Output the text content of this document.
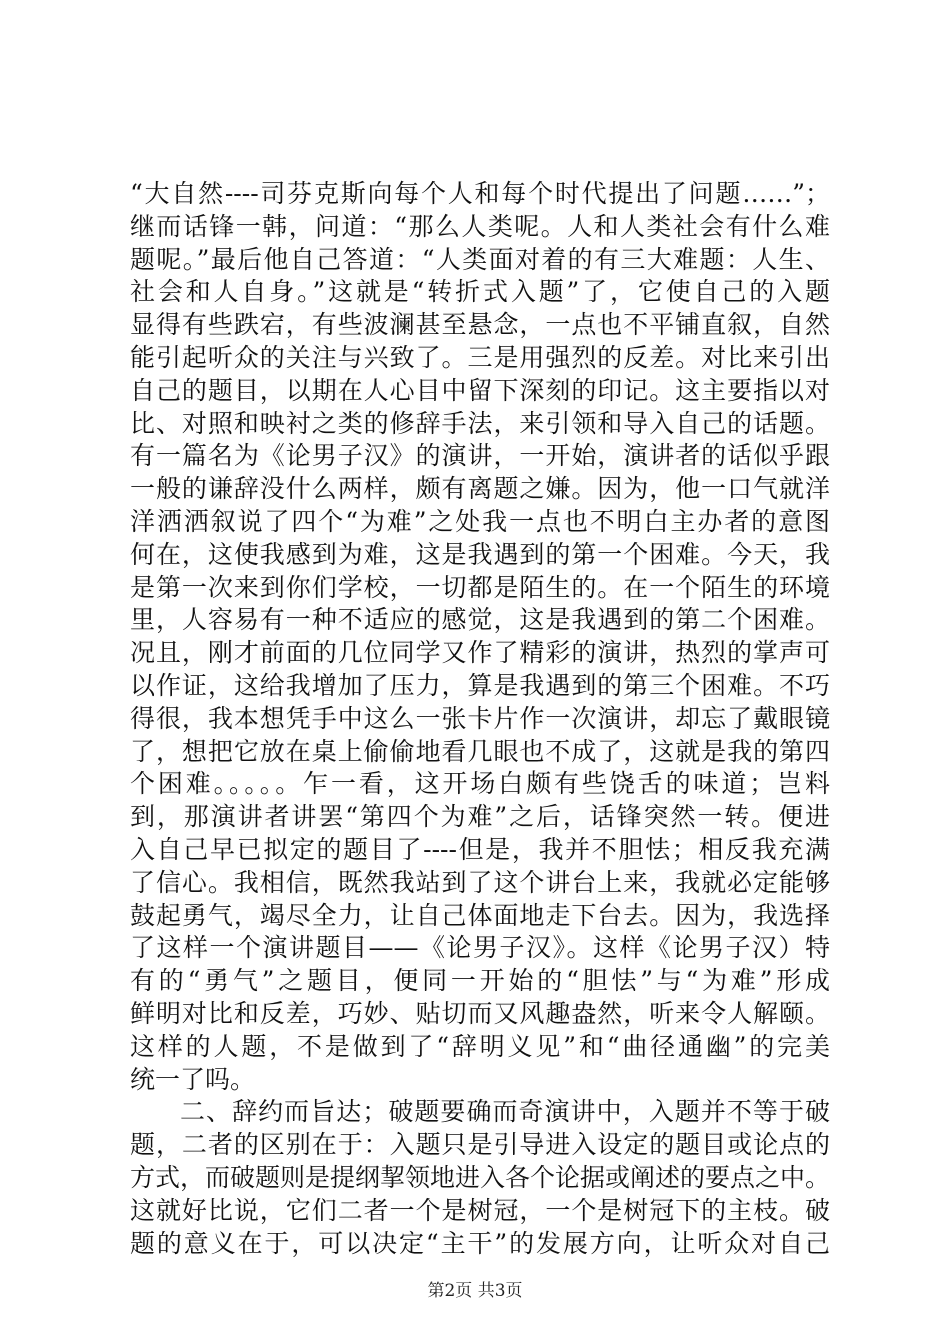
“大自然----司芬克斯向每个人和每个时代提出了问题……”；
继而话锋一韩，问道：“那么人类呢。人和人类社会有什么难
题呢。”最后他自己答道：“人类面对着的有三大难题：人生、
社会和人自身。”这就是“转折式入题”了，它使自己的入题
显得有些跌宕，有些波澜甚至悬念，一点也不平铺直叙，自然
能引起听众的关注与兴致了。三是用强烈的反差。对比来引出
自己的题目，以期在人心目中留下深刻的印记。这主要指以对
比、对照和映衬之类的修辞手法，来引领和导入自己的话题。
有一篇名为《论男子汉》的演讲，一开始，演讲者的话似乎跟
一般的谦辞没什么两样，颇有离题之嫌。因为，他一口气就洋
洋洒洒叙说了四个“为难”之处我一点也不明白主办者的意图
何在，这使我感到为难，这是我遇到的第一个困难。今天，我
是第一次来到你们学校，一切都是陌生的。在一个陌生的环境
里，人容易有一种不适应的感觉，这是我遇到的第二个困难。
况且，刚才前面的几位同学又作了精彩的演讲，热烈的掌声可
以作证，这给我增加了压力，算是我遇到的第三个困难。不巧
得很，我本想凭手中这么一张卡片作一次演讲，却忘了戴眼镜
了，想把它放在桌上偷偷地看几眼也不成了，这就是我的第四
个困难。。。。。乍一看，这开场白颇有些饶舌的味道；岂料
到，那演讲者讲罢“第四个为难”之后，话锋突然一转。便进
入自己早已拟定的题目了----但是，我并不胆怯；相反我充满
了信心。我相信，既然我站到了这个讲台上来，我就必定能够
鼓起勇气，竭尽全力，让自己体面地走下台去。因为，我选择
了这样一个演讲题目——《论男子汉》。这样《论男子汉）特
有的“勇气”之题目，便同一开始的“胆怯”与“为难”形成
鲜明对比和反差，巧妙、贴切而又风趣盎然，听来令人解颐。
这样的人题，不是做到了“辞明义见”和“曲径通幽”的完美
统一了吗。
二、辞约而旨达；破题要确而奇演讲中，入题并不等于破
题，二者的区别在于：入题只是引导进入设定的题目或论点的
方式，而破题则是提纲挈领地进入各个论据或阐述的要点之中。
这就好比说，它们二者一个是树冠，一个是树冠下的主枝。破
题的意义在于，可以决定“主干”的发展方向，让听众对自己
第2页 共3页
